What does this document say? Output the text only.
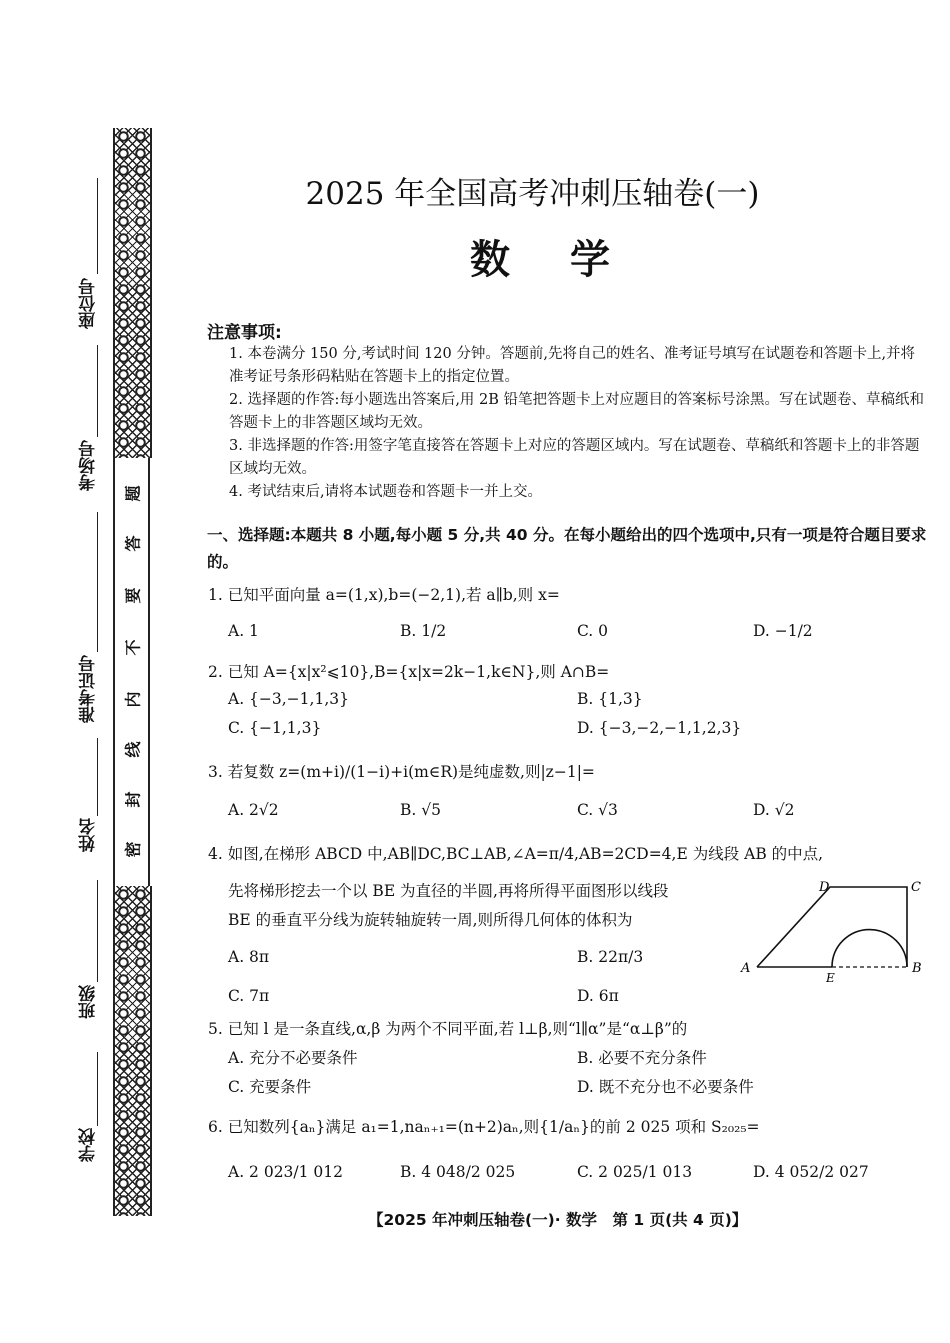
座位号
考场号
准考证号
姓名
班级
学校
题
答
要
不
内
线
封
密
2025 年全国高考冲刺压轴卷(一)
数学
注意事项:
1. 本卷满分 150 分,考试时间 120 分钟。答题前,先将自己的姓名、准考证号填写在试题卷和答题卡上,并将准考证号条形码粘贴在答题卡上的指定位置。
2. 选择题的作答:每小题选出答案后,用 2B 铅笔把答题卡上对应题目的答案标号涂黑。写在试题卷、草稿纸和答题卡上的非答题区域均无效。
3. 非选择题的作答:用签字笔直接答在答题卡上对应的答题区域内。写在试题卷、草稿纸和答题卡上的非答题区域均无效。
4. 考试结束后,请将本试题卷和答题卡一并上交。
一、选择题:本题共 8 小题,每小题 5 分,共 40 分。在每小题给出的四个选项中,只有一项是符合题目要求的。
1. 已知平面向量 a=(1,x),b=(−2,1),若 a∥b,则 x=
A. 1	B. 1/2	C. 0	D. −1/2
2. 已知 A={x|x²⩽10},B={x|x=2k−1,k∈N},则 A∩B=
A. {−3,−1,1,3}	B. {1,3}
C. {−1,1,3}	D. {−3,−2,−1,1,2,3}
3. 若复数 z=(m+i)/(1−i)+i(m∈R)是纯虚数,则|z−1|=
A. 2√2	B. √5	C. √3	D. √2
4. 如图,在梯形 ABCD 中,AB∥DC,BC⊥AB,∠A=π/4,AB=2CD=4,E 为线段 AB 的中点,
先将梯形挖去一个以 BE 为直径的半圆,再将所得平面图形以线段
BE 的垂直平分线为旋转轴旋转一周,则所得几何体的体积为
A. 8π	B. 22π/3
C. 7π	D. 6π
A	B
C
D
E
5. 已知 l 是一条直线,α,β 为两个不同平面,若 l⊥β,则“l∥α”是“α⊥β”的
A. 充分不必要条件	B. 必要不充分条件
C. 充要条件	D. 既不充分也不必要条件
6. 已知数列{aₙ}满足 a₁=1,naₙ₊₁=(n+2)aₙ,则{1/aₙ}的前 2 025 项和 S₂₀₂₅=
A. 2 023/1 012	B. 4 048/2 025	C. 2 025/1 013	D. 4 052/2 027
【2025 年冲刺压轴卷(一)· 数学　第 1 页(共 4 页)】
